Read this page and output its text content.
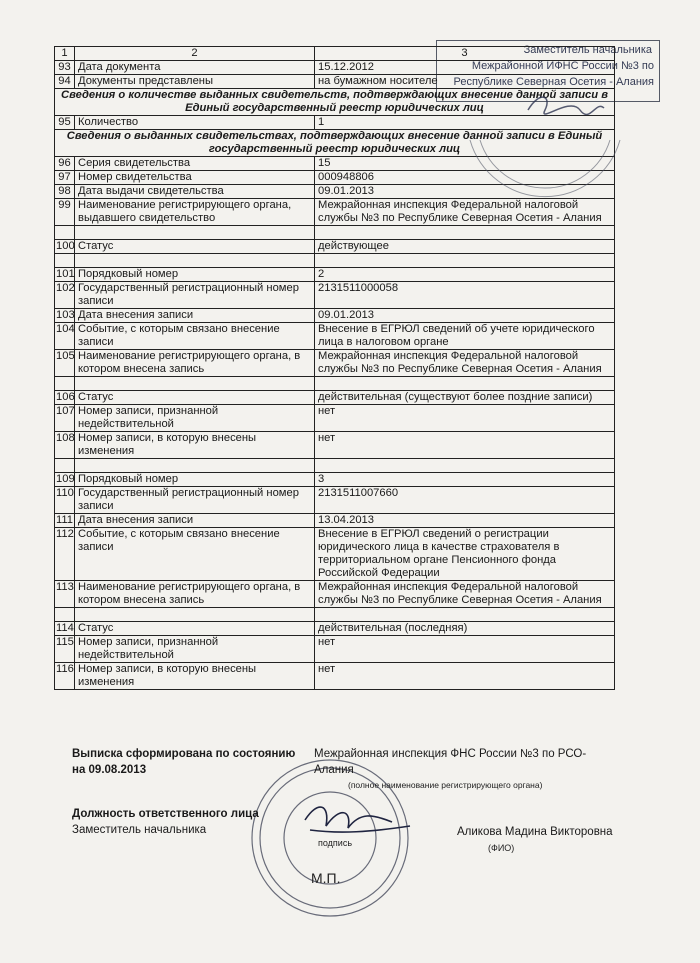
Заместитель начальника
Межрайонной ИФНС России №3 по
Республике Северная Осетия - Алания
1	2	3
93	Дата документа	15.12.2012
94	Документы представлены	на бумажном носителе
Сведения о количестве выданных свидетельств, подтверждающих внесение данной записи в Единый государственный реестр юридических лиц		
95	Количество	1
Сведения о выданных свидетельствах, подтверждающих внесение данной записи в Единый государственный реестр юридических лиц		
96	Серия свидетельства	15
97	Номер свидетельства	000948806
98	Дата выдачи свидетельства	09.01.2013
99	Наименование регистрирующего органа, выдавшего свидетельство	Межрайонная инспекция Федеральной налоговой службы №3 по Республике Северная Осетия - Алания

100	Статус	действующее

101	Порядковый номер	2
102	Государственный регистрационный номер записи	2131511000058
103	Дата внесения записи	09.01.2013
104	Событие, с которым связано внесение записи	Внесение в ЕГРЮЛ сведений об учете юридического лица в налоговом органе
105	Наименование регистрирующего органа, в котором внесена запись	Межрайонная инспекция Федеральной налоговой службы №3 по Республике Северная Осетия - Алания

106	Статус	действительная (существуют более поздние записи)
107	Номер записи, признанной недействительной	нет
108	Номер записи, в которую внесены изменения	нет

109	Порядковый номер	3
110	Государственный регистрационный номер записи	2131511007660
111	Дата внесения записи	13.04.2013
112	Событие, с которым связано внесение записи	Внесение в ЕГРЮЛ сведений о регистрации юридического лица в качестве страхователя в территориальном органе Пенсионного фонда Российской Федерации
113	Наименование регистрирующего органа, в котором внесена запись	Межрайонная инспекция Федеральной налоговой службы №3 по Республике Северная Осетия - Алания

114	Статус	действительная (последняя)
115	Номер записи, признанной недействительной	нет
116	Номер записи, в которую внесены изменения	нет
Выписка сформирована по состоянию
на 09.08.2013
Межрайонная инспекция ФНС России №3 по РСО-
Алания
(полное наименование регистрирующего органа)
Должность ответственного лица
Заместитель начальника
подпись
Аликова Мадина Викторовна
(ФИО)
М.П.
